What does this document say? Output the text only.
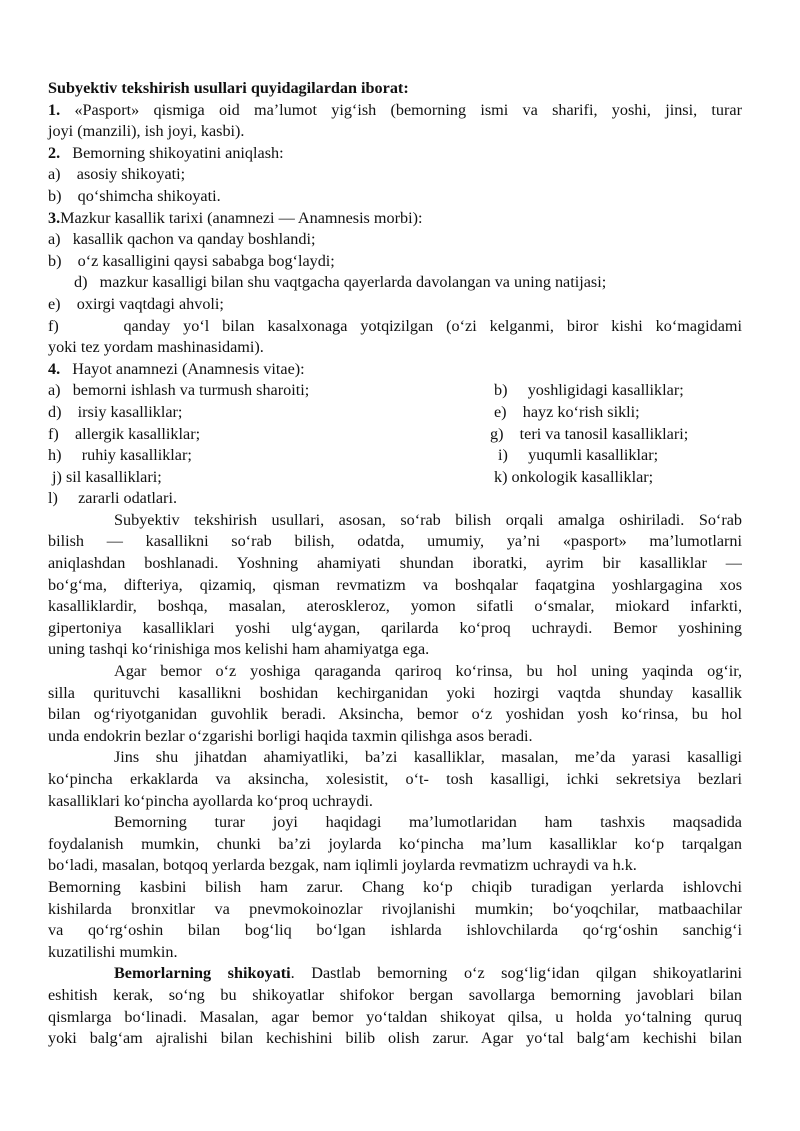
Subyektiv tekshirish usullari quyidagilardan iborat:
1. «Pasport» qismiga oid ma’lumot yig‘ish (bemorning ismi va sharifi, yoshi, jinsi, turar
joyi (manzili), ish joyi, kasbi).
2. Bemorning shikoyatini aniqlash:
a)    asosiy shikoyati;
b)    qo‘shimcha shikoyati.
3.Mazkur kasallik tarixi (anamnezi — Anamnesis morbi):
a)   kasallik qachon va qanday boshlandi;
b)    o‘z kasalligini qaysi sababga bog‘laydi;
d)   mazkur kasalligi bilan shu vaqtgacha qayerlarda davolangan va uning natijasi;
e)    oxirgi vaqtdagi ahvoli;
f)     qanday yo‘l bilan kasalxonaga yotqizilgan (o‘zi kelganmi, biror kishi ko‘magidami
yoki tez yordam mashinasidami).
4. Hayot anamnezi (Anamnesis vitae):
a)   bemorni ishlash va turmush sharoiti;	b)     yoshligidagi kasalliklar;
d)    irsiy kasalliklar;	e)    hayz ko‘rish sikli;
f)    allergik kasalliklar;	g)    teri va tanosil kasalliklari;
h)     ruhiy kasalliklar;	i)     yuqumli kasalliklar;
j) sil kasalliklari;	k) onkologik kasalliklar;
l)     zararli odatlari.
Subyektiv tekshirish usullari, asosan, so‘rab bilish orqali amalga oshiriladi. So‘rab
bilish — kasallikni so‘rab bilish, odatda, umumiy, ya’ni «pasport» ma’lumotlarni
aniqlashdan boshlanadi. Yoshning ahamiyati shundan iboratki, ayrim bir kasalliklar —
bo‘g‘ma, difteriya, qizamiq, qisman revmatizm va boshqalar faqatgina yoshlargagina xos
kasalliklardir, boshqa, masalan, ateroskleroz, yomon sifatli o‘smalar, miokard infarkti,
gipertoniya kasalliklari yoshi ulg‘aygan, qarilarda ko‘proq uchraydi. Bemor yoshining
uning tashqi ko‘rinishiga mos kelishi ham ahamiyatga ega.
Agar bemor o‘z yoshiga qaraganda qariroq ko‘rinsa, bu hol uning yaqinda og‘ir,
silla qurituvchi kasallikni boshidan kechirganidan yoki hozirgi vaqtda shunday kasallik
bilan og‘riyotganidan guvohlik beradi. Aksincha, bemor o‘z yoshidan yosh ko‘rinsa, bu hol
unda endokrin bezlar o‘zgarishi borligi haqida taxmin qilishga asos beradi.
Jins shu jihatdan ahamiyatliki, ba’zi kasalliklar, masalan, me’da yarasi kasalligi
ko‘pincha erkaklarda va aksincha, xolesistit, o‘t- tosh kasalligi, ichki sekretsiya bezlari
kasalliklari ko‘pincha ayollarda ko‘proq uchraydi.
Bemorning turar joyi haqidagi ma’lumotlaridan ham tashxis maqsadida
foydalanish mumkin, chunki ba’zi joylarda ko‘pincha ma’lum kasalliklar ko‘p tarqalgan
bo‘ladi, masalan, botqoq yerlarda bezgak, nam iqlimli joylarda revmatizm uchraydi va h.k.
Bemorning kasbini bilish ham zarur. Chang ko‘p chiqib turadigan yerlarda ishlovchi
kishilarda bronxitlar va pnevmokoinozlar rivojlanishi mumkin; bo‘yoqchilar, matbaachilar
va qo‘rg‘oshin bilan bog‘liq bo‘lgan ishlarda ishlovchilarda qo‘rg‘oshin sanchig‘i
kuzatilishi mumkin.
Bemorlarning shikoyati. Dastlab bemorning o‘z sog‘lig‘idan qilgan shikoyatlarini
eshitish kerak, so‘ng bu shikoyatlar shifokor bergan savollarga bemorning javoblari bilan
qismlarga bo‘linadi. Masalan, agar bemor yo‘taldan shikoyat qilsa, u holda yo‘talning quruq
yoki balg‘am ajralishi bilan kechishini bilib olish zarur. Agar yo‘tal balg‘am kechishi bilan
